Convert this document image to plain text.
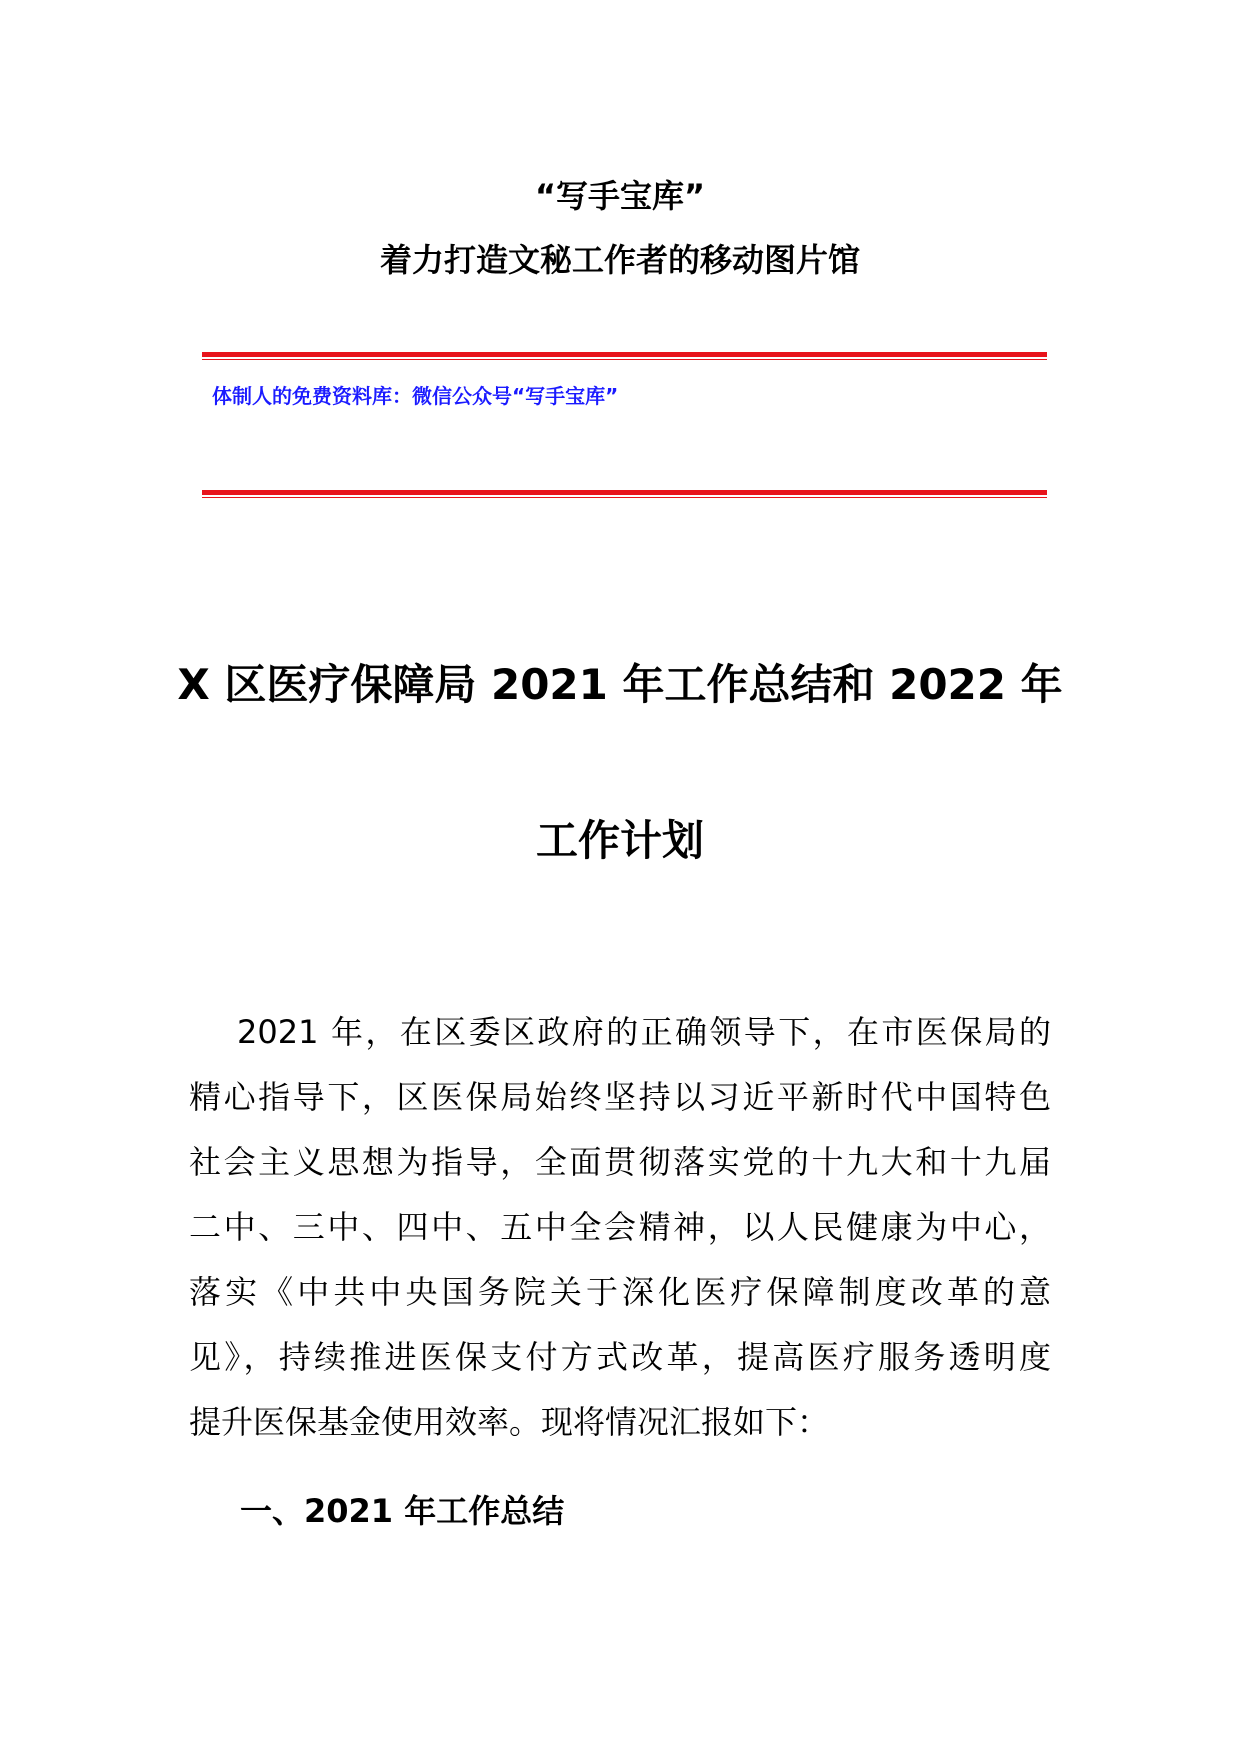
“写手宝库”
着力打造文秘工作者的移动图片馆
体制人的免费资料库：微信公众号“写手宝库”
X 区医疗保障局 2021 年工作总结和 2022 年
工作计划
2021 年，在区委区政府的正确领导下，在市医保局的
精心指导下，区医保局始终坚持以习近平新时代中国特色
社会主义思想为指导，全面贯彻落实党的十九大和十九届
二中、三中、四中、五中全会精神，以人民健康为中心，
落实《中共中央国务院关于深化医疗保障制度改革的意
见》，持续推进医保支付方式改革，提高医疗服务透明度
提升医保基金使用效率。现将情况汇报如下：
一、2021 年工作总结
